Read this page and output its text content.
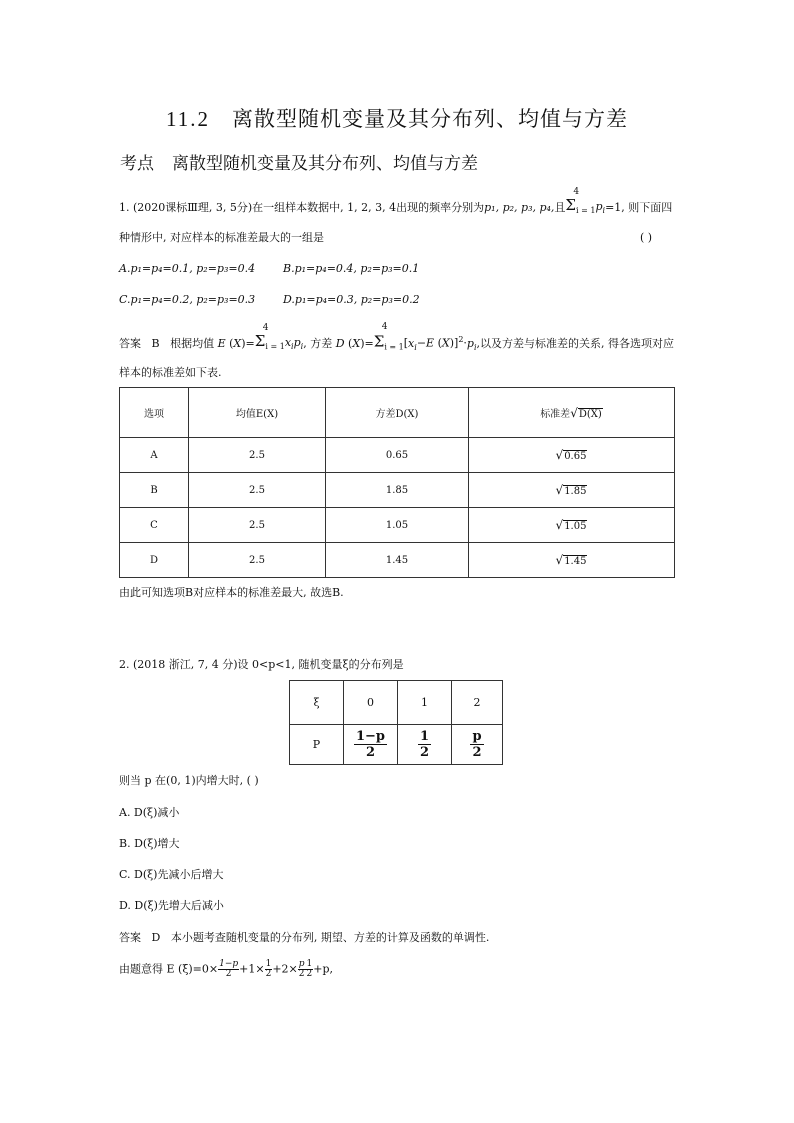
11.2 离散型随机变量及其分布列、均值与方差
考点 离散型随机变量及其分布列、均值与方差
1. (2020课标Ⅲ理, 3, 5分)在一组样本数据中, 1, 2, 3, 4出现的频率分别为p₁, p₂, p₃, p₄,且
4
$\Sigma_{i = 1}p_i=1$, 则下面四
种情形中, 对应样本的标准差最大的一组是	( )
A.p₁=p₄=0.1, p₂=p₃=0.4	B.p₁=p₄=0.4, p₂=p₃=0.1
C.p₁=p₄=0.2, p₂=p₃=0.3	D.p₁=p₄=0.3, p₂=p₃=0.2
答案 B 根据均值 E (X)=
4
$\Sigma_{i = 1}x_ip_i$, 方差 D (X)=
4
$\Sigma_{i = 1}[x_i-E$ $(X)]^2\cdot p_i$,以及方差与标准差的关系, 得各选项对应
样本的标准差如下表.
选项	均值E(X)	方差D(X)	标准差√D(X)
A	2.5	0.65	√0.65
B	2.5	1.85	√1.85
C	2.5	1.05	√1.05
D	2.5	1.45	√1.45
由此可知选项B对应样本的标准差最大, 故选B.
2. (2018 浙江, 7, 4 分)设 0<p<1, 随机变量ξ的分布列是
ξ	0	1	2
P	$\frac{1-p}{2}$	$\frac{1}{2}$	$\frac{p}{2}$
则当 p 在(0, 1)内增大时, ( )
A. D(ξ)减小
B. D(ξ)增大
C. D(ξ)先减小后增大
D. D(ξ)先增大后减小
答案 D 本小题考查随机变量的分布列, 期望、方差的计算及函数的单调性.
由题意得 E $(\xi)=0\times \frac{1-p}{2} +1\times \frac{1}{2} +2\times \frac{p}{2} \frac{1}{2} +p$,
